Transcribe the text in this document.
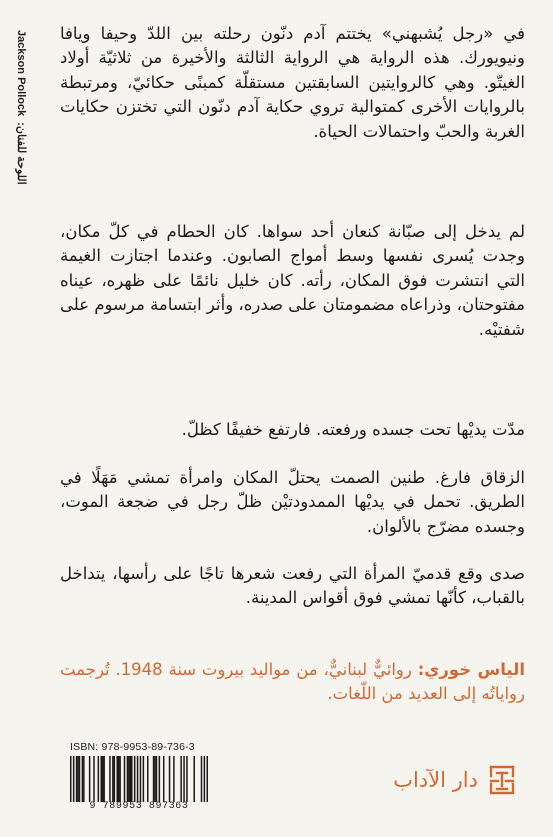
في «رجل يُشبهني» يختتم آدم دنّون رحلته بين اللدّ وحيفا ويافا ونيويورك. هذه الرواية هي الرواية الثالثة والأخيرة من ثلاثيّة أولاد الغيتّو. وهي كالروايتين السابقتين مستقلّة كمبنًى حكائيّ، ومرتبطة بالروايات الأخرى كمتوالية تروي حكاية آدم دنّون التي تختزن حكايات الغربة والحبّ واحتمالات الحياة.

لم يدخل إلى صبّانة كنعان أحد سواها. كان الحطام في كلّ مكان، وجدت يُسرى نفسها وسط أمواج الصابون. وعندما اجتازت الغيمة التي انتشرت فوق المكان، رأته. كان خليل نائمًا على ظهره، عيناه مفتوحتان، وذراعاه مضمومتان على صدره، وأثر ابتسامة مرسوم على شفتيْه.

مدّت يديْها تحت جسده ورفعته. فارتفع خفيفًا كظلّ.

الزقاق فارغ. طنين الصمت يحتلّ المكان وامرأة تمشي مَهَلًا في الطريق. تحمل في يديْها الممدودتيْن ظلّ رجل في ضجعة الموت، وجسده مضرّج بالألوان.

صدى وقع قدميّ المرأة التي رفعت شعرها تاجًا على رأسها، يتداخل بالقباب، كأنّها تمشي فوق أقواس المدينة.

الياس خوري: روائيٌّ لبنانيٌّ، من مواليد بيروت سنة 1948. تُرجمت رواياتُه إلى العديد من اللّغات.

Jackson Pollockاللوحة للفنان:
ISBN: 978-9953-89-736-3
9 789953 897363
دار الآداب
